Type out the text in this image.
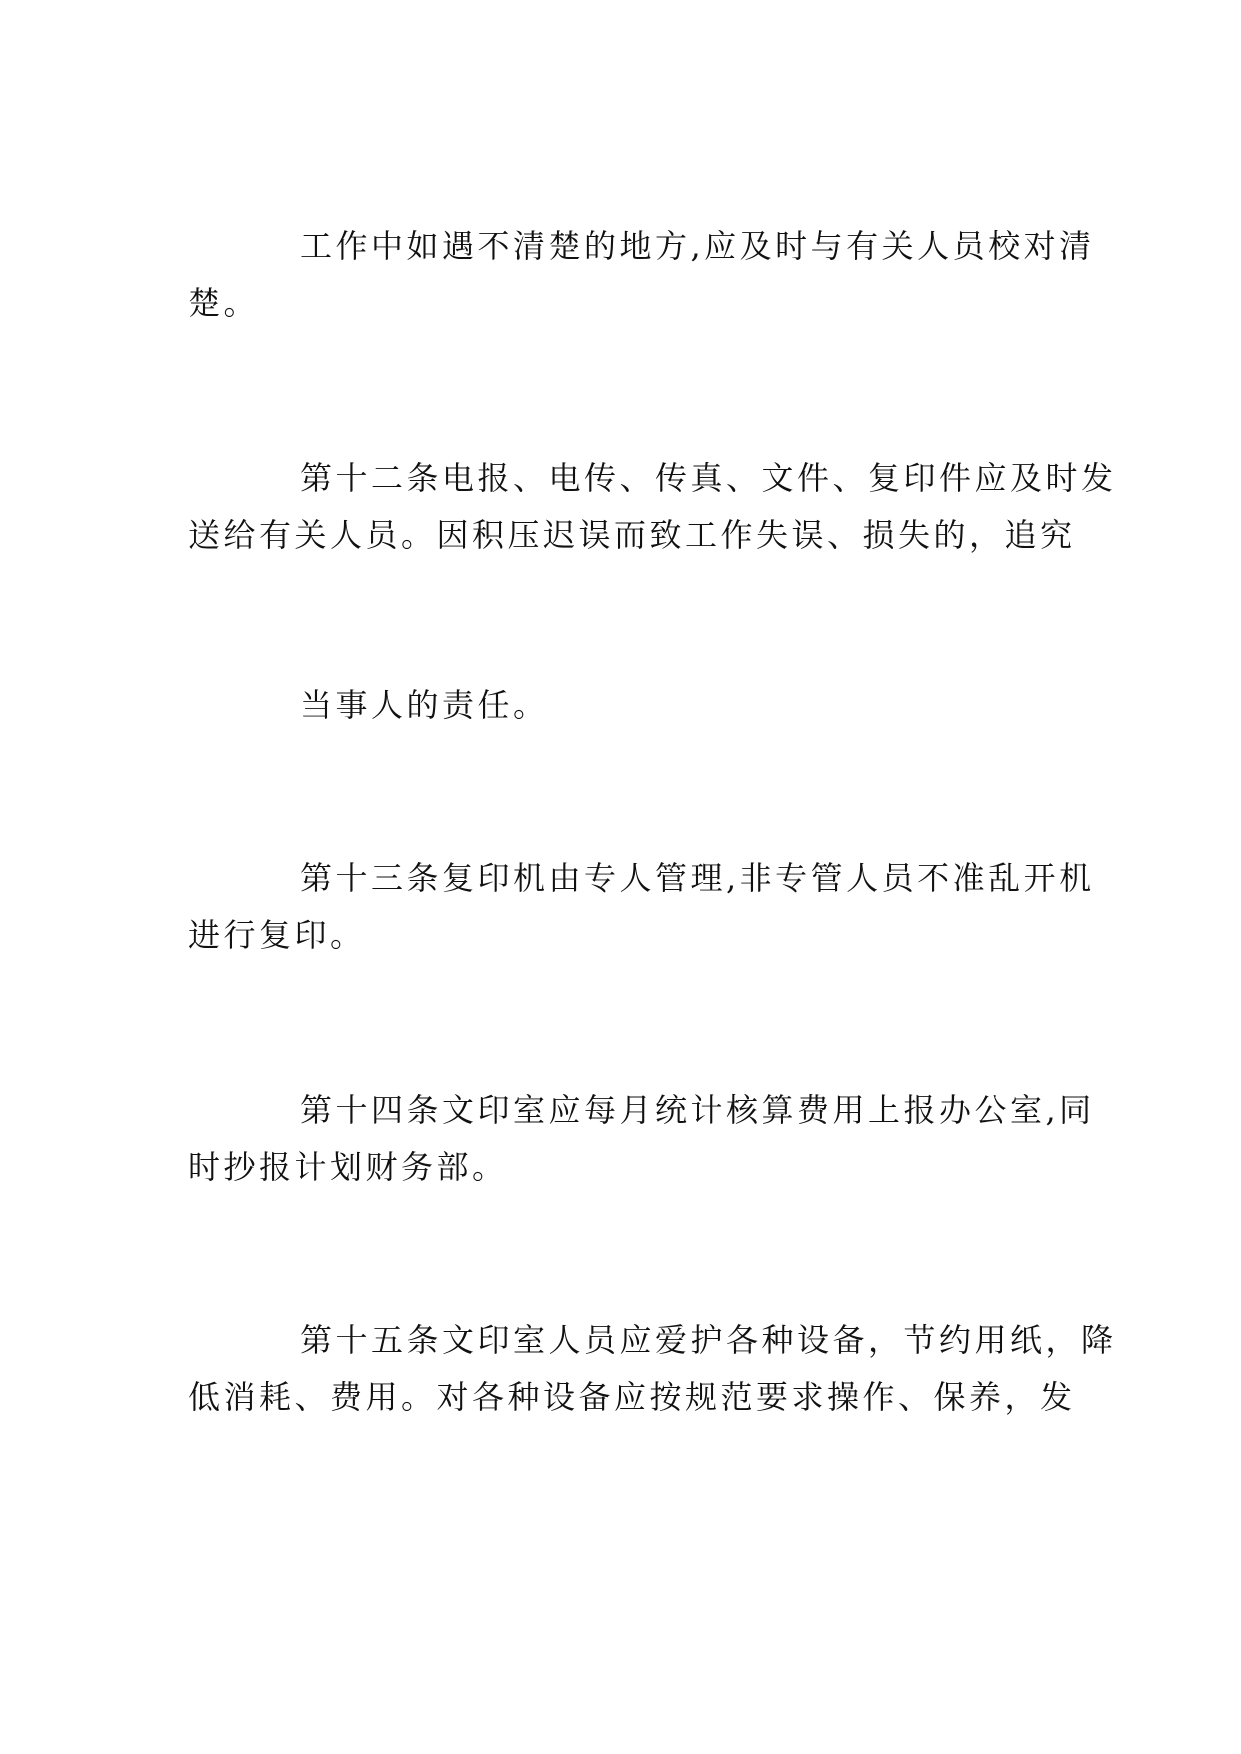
工作中如遇不清楚的地方,应及时与有关人员校对清
楚。
第十二条电报、电传、传真、文件、复印件应及时发
送给有关人员。因积压迟误而致工作失误、损失的，追究
当事人的责任。
第十三条复印机由专人管理,非专管人员不准乱开机
进行复印。
第十四条文印室应每月统计核算费用上报办公室,同
时抄报计划财务部。
第十五条文印室人员应爱护各种设备，节约用纸，降
低消耗、费用。对各种设备应按规范要求操作、保养，发
